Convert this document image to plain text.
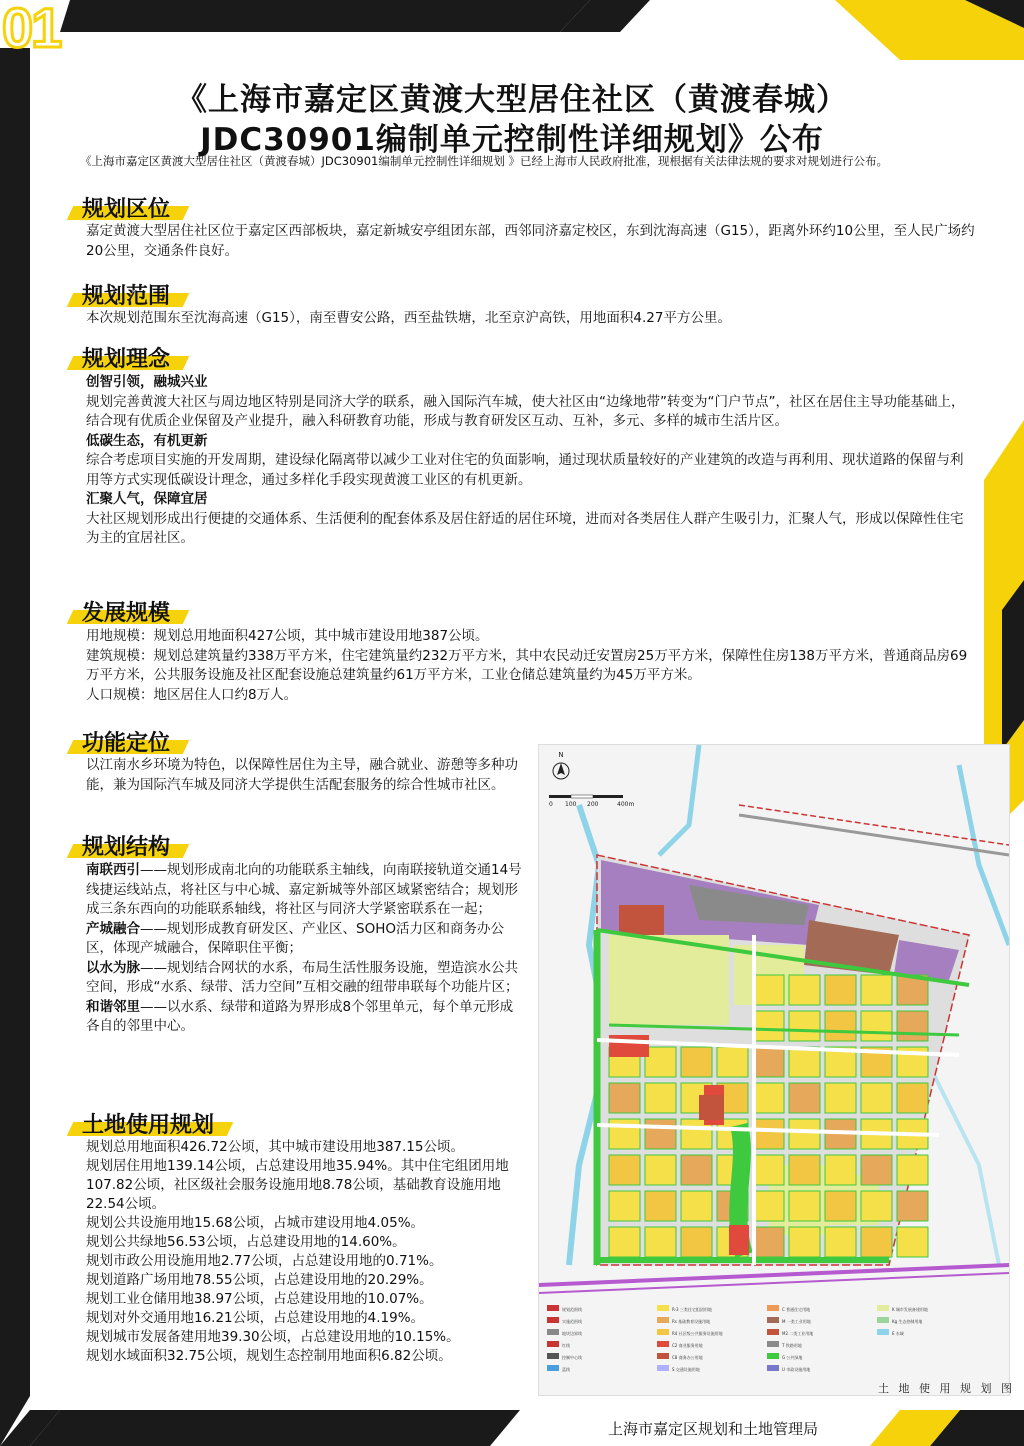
01
《上海市嘉定区黄渡大型居住社区（黄渡春城）
JDC30901编制单元控制性详细规划》公布
《上海市嘉定区黄渡大型居住社区（黄渡春城）JDC30901编制单元控制性详细规划 》已经上海市人民政府批准，现根据有关法律法规的要求对规划进行公布。
规划区位
嘉定黄渡大型居住社区位于嘉定区西部板块，嘉定新城安亭组团东部，西邻同济嘉定校区，东到沈海高速（G15），距离外环约10公里，至人民广场约20公里，交通条件良好。
规划范围
本次规划范围东至沈海高速（G15），南至曹安公路，西至盐铁塘，北至京沪高铁，用地面积4.27平方公里。
规划理念

创智引领，融城兴业

规划完善黄渡大社区与周边地区特别是同济大学的联系，融入国际汽车城，使大社区由“边缘地带”转变为“门户节点”，社区在居住主导功能基础上，结合现有优质企业保留及产业提升，融入科研教育功能，形成与教育研发区互动、互补，多元、多样的城市生活片区。

低碳生态，有机更新

综合考虑项目实施的开发周期，建设绿化隔离带以减少工业对住宅的负面影响，通过现状质量较好的产业建筑的改造与再利用、现状道路的保留与利用等方式实现低碳设计理念，通过多样化手段实现黄渡工业区的有机更新。

汇聚人气，保障宜居

大社区规划形成出行便捷的交通体系、生活便利的配套体系及居住舒适的居住环境，进而对各类居住人群产生吸引力，汇聚人气，形成以保障性住宅为主的宜居社区。

发展规模

用地规模：规划总用地面积427公顷，其中城市建设用地387公顷。

建筑规模：规划总建筑量约338万平方米，住宅建筑量约232万平方米，其中农民动迁安置房25万平方米，保障性住房138万平方米，普通商品房69万平方米，公共服务设施及社区配套设施总建筑量约61万平方米，工业仓储总建筑量约为45万平方米。

人口规模：地区居住人口约8万人。

功能定位
以江南水乡环境为特色，以保障性居住为主导，融合就业、游憩等多种功能，兼为国际汽车城及同济大学提供生活配套服务的综合性城市社区。
规划结构

南联西引——规划形成南北向的功能联系主轴线，向南联接轨道交通14号线捷运线站点，将社区与中心城、嘉定新城等外部区域紧密结合；规划形成三条东西向的功能联系轴线，将社区与同济大学紧密联系在一起；

产城融合——规划形成教育研发区、产业区、SOHO活力区和商务办公区，体现产城融合，保障职住平衡；

以水为脉——规划结合网状的水系，布局生活性服务设施，塑造滨水公共空间，形成“水系、绿带、活力空间”互相交融的纽带串联每个功能片区；

和谐邻里——以水系、绿带和道路为界形成8个邻里单元，每个单元形成各自的邻里中心。

土地使用规划

规划总用地面积426.72公顷，其中城市建设用地387.15公顷。

规划居住用地139.14公顷，占总建设用地35.94%。其中住宅组团用地107.82公顷，社区级社会服务设施用地8.78公顷，基础教育设施用地22.54公顷。

规划公共设施用地15.68公顷，占城市建设用地4.05%。

规划公共绿地56.53公顷，占总建设用地的14.60%。

规划市政公用设施用地2.77公顷，占总建设用地的0.71%。

规划道路广场用地78.55公顷，占总建设用地的20.29%。

规划工业仓储用地38.97公顷，占总建设用地的10.07%。

规划对外交通用地16.21公顷，占总建设用地的4.19%。

规划城市发展备建用地39.30公顷，占总建设用地的10.15%。

规划水域面积32.75公顷，规划生态控制用地面积6.82公顷。

N
0 100 200	400m
规划范围线	R-3 三类住宅组团用地	C 普通住宅用地	K 城市发展备建用地
实施范围线	Rs 基础教育设施用地	M 一类工业用地	Kg 生态控制用地
地块边界线	R4 社区级公共服务设施用地	M2 二类工业用地	E 水域
红线	C2 商业服务用地	T 铁路用地
控制中心线	C8 商务办公用地	G 公共绿地
蓝线	S 交通设施用地	U 市政设施用地
土 地 使 用 规 划 图
上海市嘉定区规划和土地管理局
